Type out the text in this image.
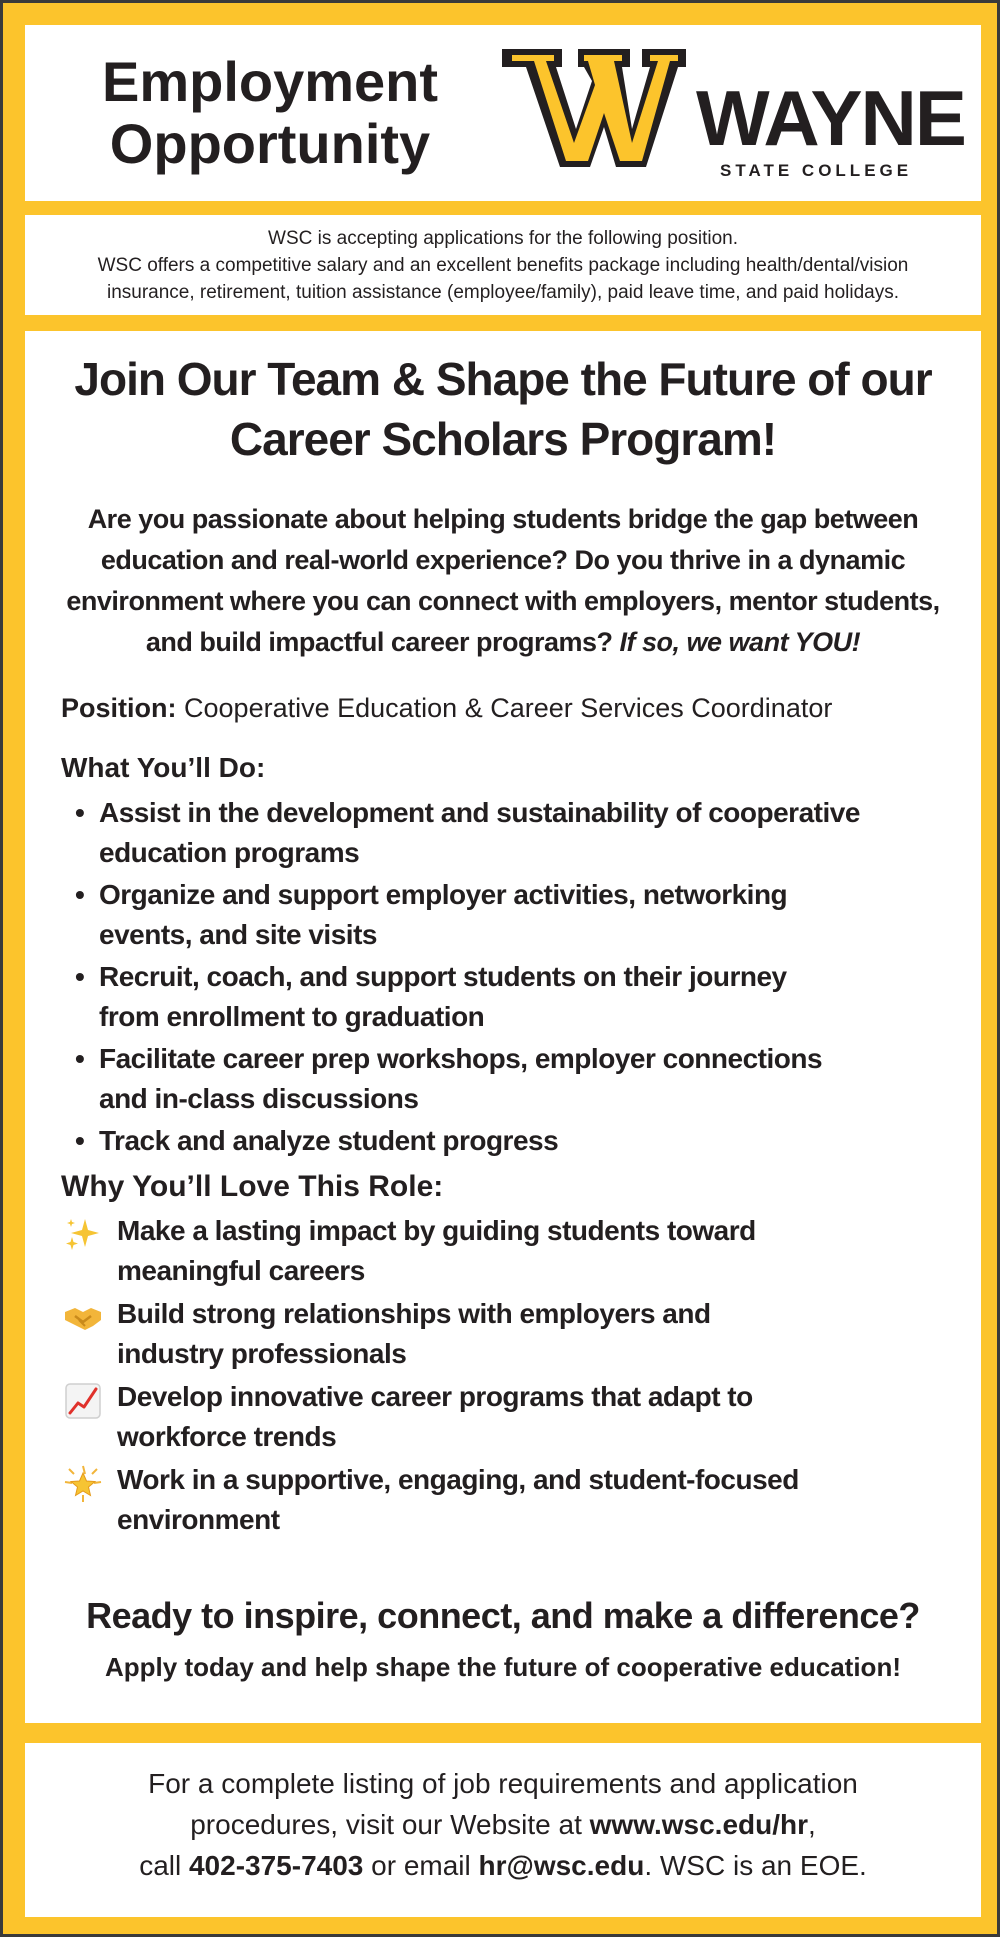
Employment
Opportunity	WAYNE
STATE COLLEGE
WSC is accepting applications for the following position.
WSC offers a competitive salary and an excellent benefits package including health/dental/vision
insurance, retirement, tuition assistance (employee/family), paid leave time, and paid holidays.
Join Our Team & Shape the Future of our
Career Scholars Program!
Are you passionate about helping students bridge the gap between
education and real-world experience? Do you thrive in a dynamic
environment where you can connect with employers, mentor students,
and build impactful career programs? If so, we want YOU!
Position: Cooperative Education & Career Services Coordinator
What You’ll Do:
• Assist in the development and sustainability of cooperative
education programs
• Organize and support employer activities, networking
events, and site visits
• Recruit, coach, and support students on their journey
from enrollment to graduation
• Facilitate career prep workshops, employer connections
and in-class discussions
• Track and analyze student progress
Why You’ll Love This Role:
Make a lasting impact by guiding students toward
meaningful careers
Build strong relationships with employers and
industry professionals
Develop innovative career programs that adapt to
workforce trends
Work in a supportive, engaging, and student-focused
environment
Ready to inspire, connect, and make a difference?
Apply today and help shape the future of cooperative education!
For a complete listing of job requirements and application
procedures, visit our Website at www.wsc.edu/hr,
call 402-375-7403 or email hr@wsc.edu. WSC is an EOE.
